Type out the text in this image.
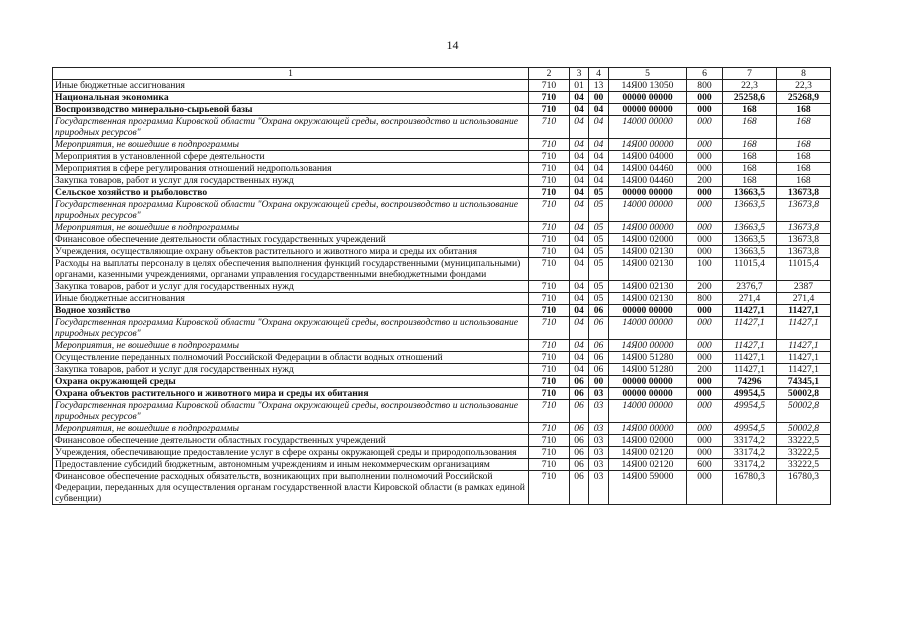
14
1	2	3	4	5	6	7	8
Иные бюджетные ассигнования	710	01	13	14Я00 13050	800	22,3	22,3
Национальная экономика	710	04	00	00000 00000	000	25258,6	25268,9
Воспроизводство минерально-сырьевой базы	710	04	04	00000 00000	000	168	168
Государственная программа Кировской области "Охрана окружающей среды, воспроизводство и использование природных ресурсов"	710	04	04	14000 00000	000	168	168
Мероприятия, не вошедшие в подпрограммы	710	04	04	14Я00 00000	000	168	168
Мероприятия в установленной сфере деятельности	710	04	04	14Я00 04000	000	168	168
Мероприятия в сфере регулирования отношений недропользования	710	04	04	14Я00 04460	000	168	168
Закупка товаров, работ и услуг для государственных нужд	710	04	04	14Я00 04460	200	168	168
Сельское хозяйство и рыболовство	710	04	05	00000 00000	000	13663,5	13673,8
Государственная программа Кировской области "Охрана окружающей среды, воспроизводство и использование природных ресурсов"	710	04	05	14000 00000	000	13663,5	13673,8
Мероприятия, не вошедшие в подпрограммы	710	04	05	14Я00 00000	000	13663,5	13673,8
Финансовое обеспечение деятельности областных государственных учреждений	710	04	05	14Я00 02000	000	13663,5	13673,8
Учреждения, осуществляющие охрану объектов растительного и животного мира и среды их обитания	710	04	05	14Я00 02130	000	13663,5	13673,8
Расходы на выплаты персоналу в целях обеспечения выполнения функций государственными (муниципальными) органами, казенными учреждениями, органами управления государственными внебюджетными фондами	710	04	05	14Я00 02130	100	11015,4	11015,4
Закупка товаров, работ и услуг для государственных нужд	710	04	05	14Я00 02130	200	2376,7	2387
Иные бюджетные ассигнования	710	04	05	14Я00 02130	800	271,4	271,4
Водное хозяйство	710	04	06	00000 00000	000	11427,1	11427,1
Государственная программа Кировской области "Охрана окружающей среды, воспроизводство и использование природных ресурсов"	710	04	06	14000 00000	000	11427,1	11427,1
Мероприятия, не вошедшие в подпрограммы	710	04	06	14Я00 00000	000	11427,1	11427,1
Осуществление переданных полномочий Российской Федерации в области водных отношений	710	04	06	14Я00 51280	000	11427,1	11427,1
Закупка товаров, работ и услуг для государственных нужд	710	04	06	14Я00 51280	200	11427,1	11427,1
Охрана окружающей среды	710	06	00	00000 00000	000	74296	74345,1
Охрана объектов растительного и животного мира и среды их обитания	710	06	03	00000 00000	000	49954,5	50002,8
Государственная программа Кировской области "Охрана окружающей среды, воспроизводство и использование природных ресурсов"	710	06	03	14000 00000	000	49954,5	50002,8
Мероприятия, не вошедшие в подпрограммы	710	06	03	14Я00 00000	000	49954,5	50002,8
Финансовое обеспечение деятельности областных государственных учреждений	710	06	03	14Я00 02000	000	33174,2	33222,5
Учреждения, обеспечивающие предоставление услуг в сфере охраны окружающей среды и природопользования	710	06	03	14Я00 02120	000	33174,2	33222,5
Предоставление субсидий бюджетным, автономным учреждениям и иным некоммерческим организациям	710	06	03	14Я00 02120	600	33174,2	33222,5
Финансовое обеспечение расходных обязательств, возникающих при выполнении полномочий Российской Федерации, переданных для осуществления органам государственной власти Кировской области (в рамках единой субвенции)	710	06	03	14Я00 59000	000	16780,3	16780,3
